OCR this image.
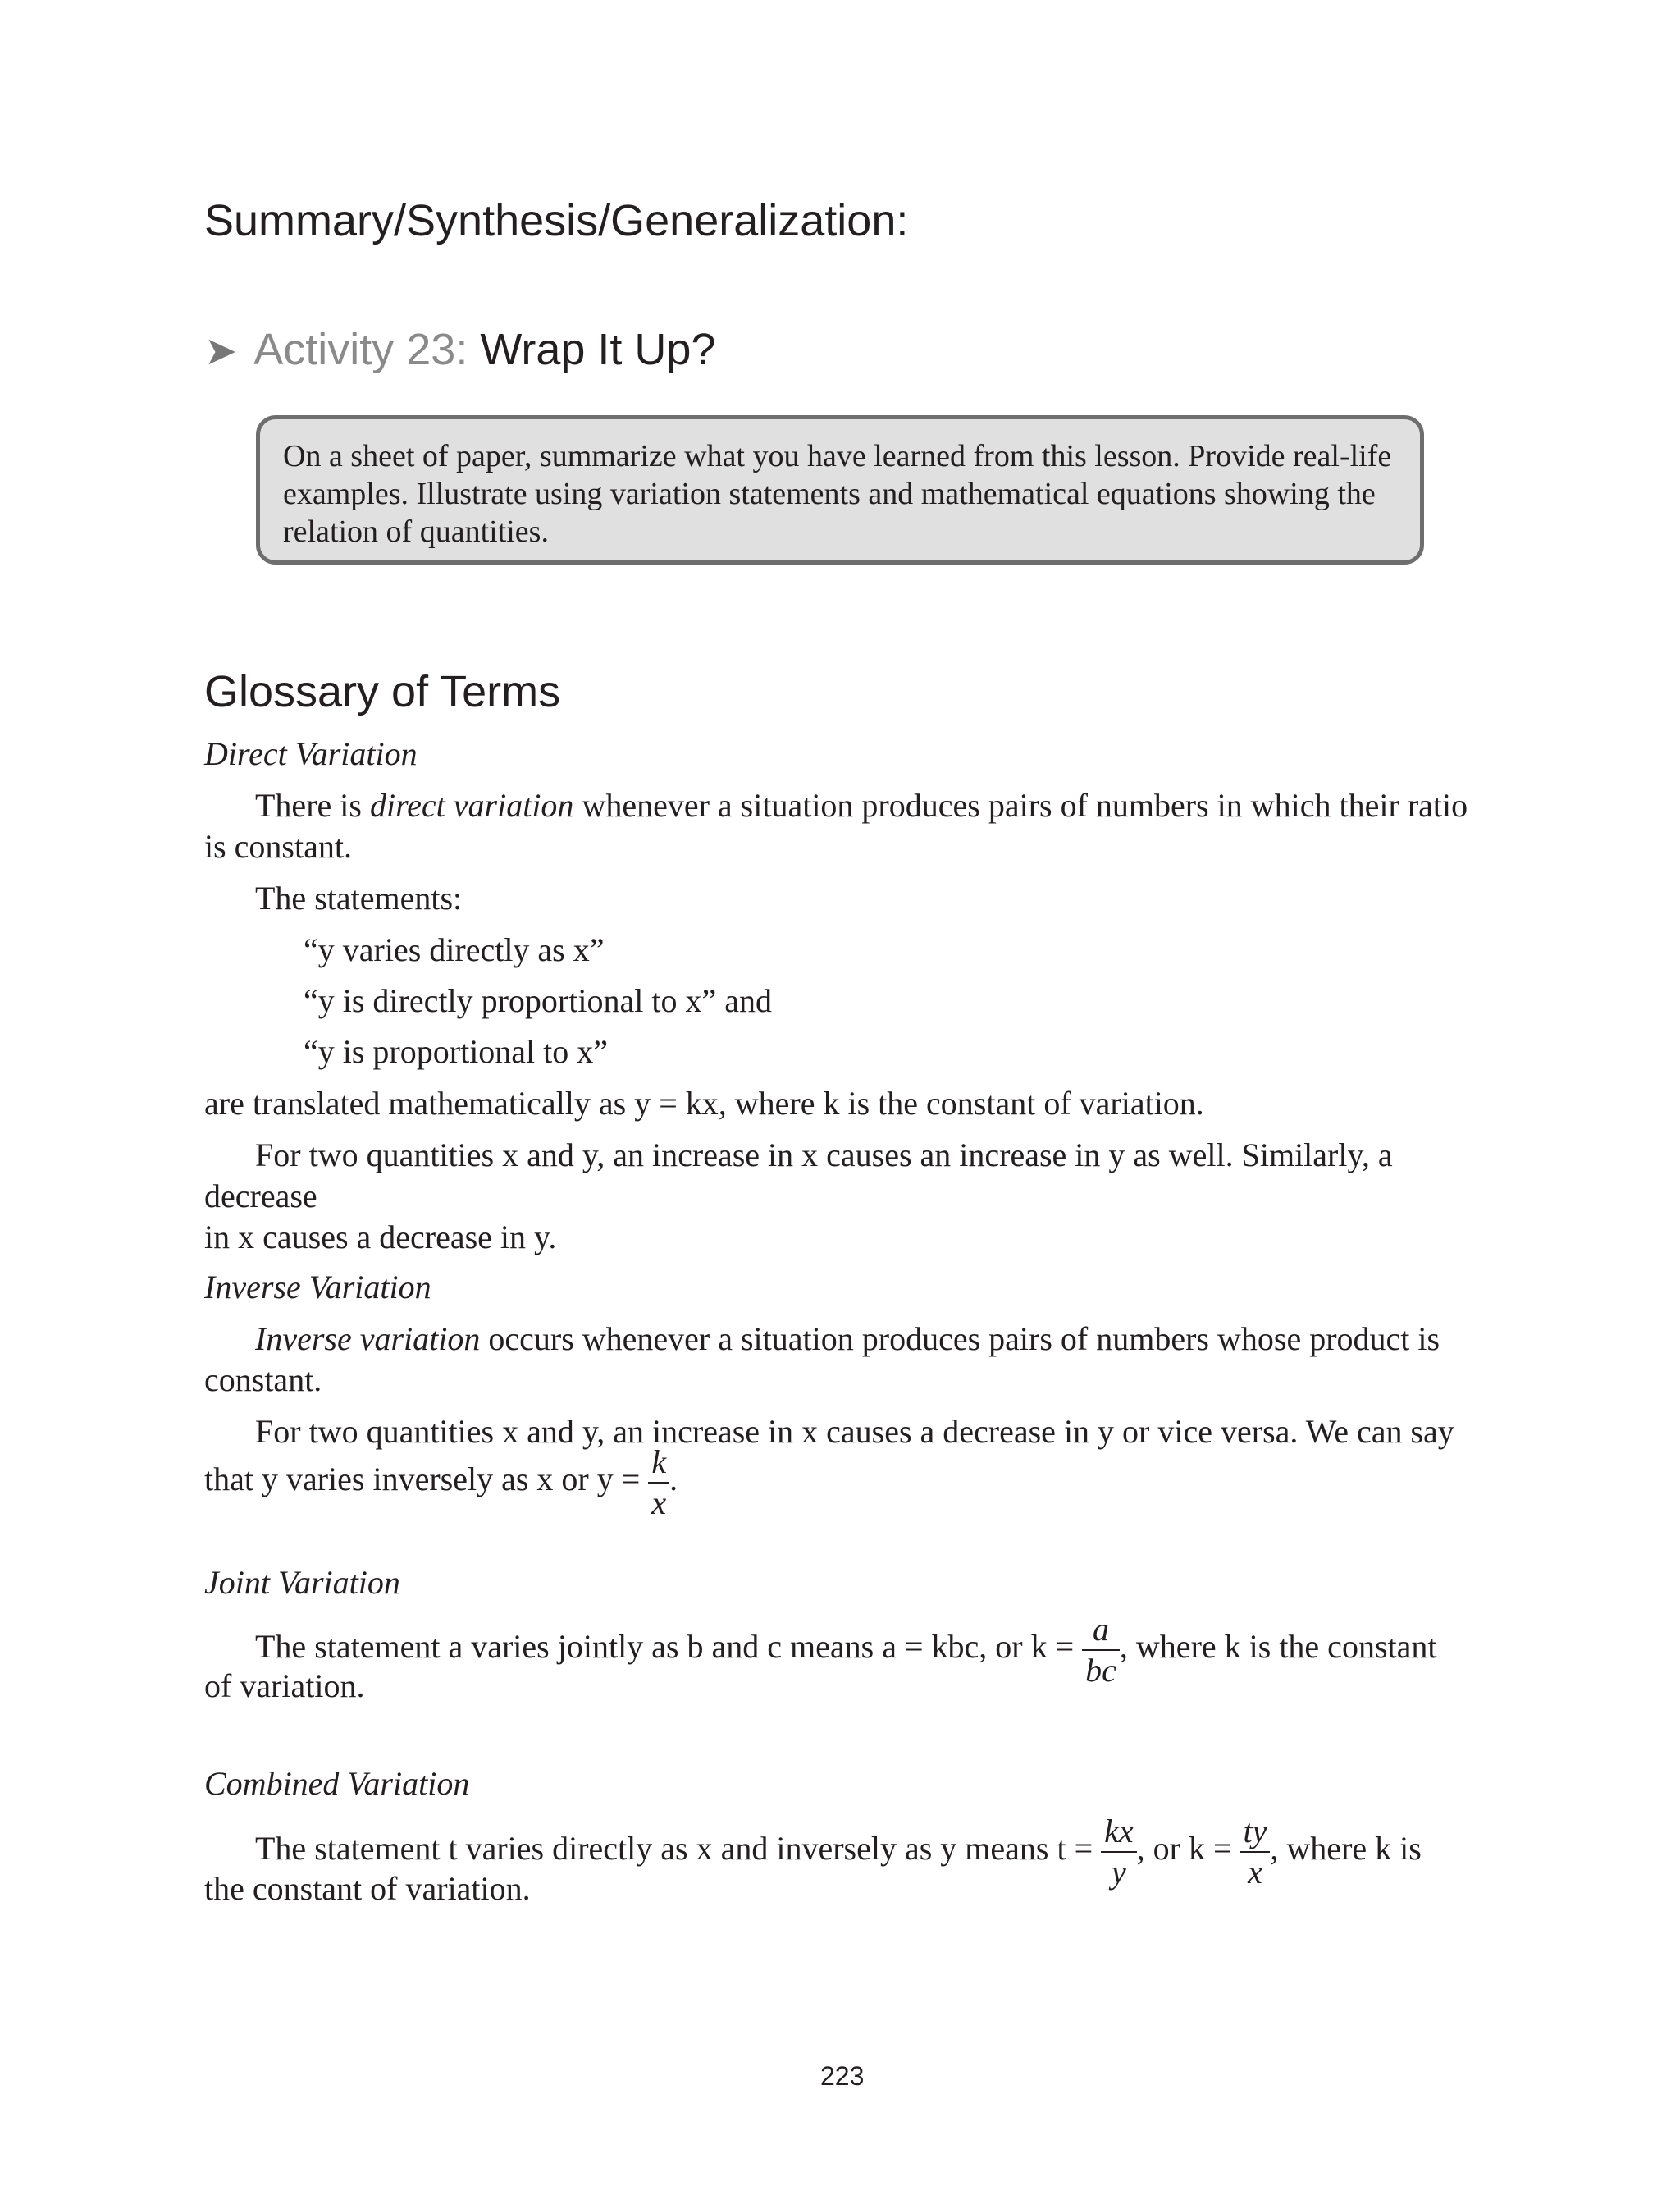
Summary/Synthesis/Generalization:
➤ Activity 23: Wrap It Up?

On a sheet of paper, summarize what you have learned from this lesson. Provide real-life

examples. Illustrate using variation statements and mathematical equations showing the

relation of quantities.

Glossary of Terms
Direct Variation

There is direct variation whenever a situation produces pairs of numbers in which their ratio

is constant.

The statements:
“y varies directly as x”
“y is directly proportional to x” and
“y is proportional to x”
are translated mathematically as y = kx, where k is the constant of variation.

For two quantities x and y, an increase in x causes an increase in y as well. Similarly, a decrease

in x causes a decrease in y.

Inverse Variation

Inverse variation occurs whenever a situation produces pairs of numbers whose product is

constant.

For two quantities x and y, an increase in x causes a decrease in y or vice versa. We can say
that y varies inversely as x or $y = \frac{k}{x}$ .
Joint Variation
The statement a varies jointly as b and c means a = kbc, or $k = \frac{a}{bc}$ , where k is the constant
of variation.
Combined Variation
The statement t varies directly as x and inversely as y means $t = \frac{kx}{y}$ , or $k = \frac{ty}{x}$ , where k is
the constant of variation.
223
